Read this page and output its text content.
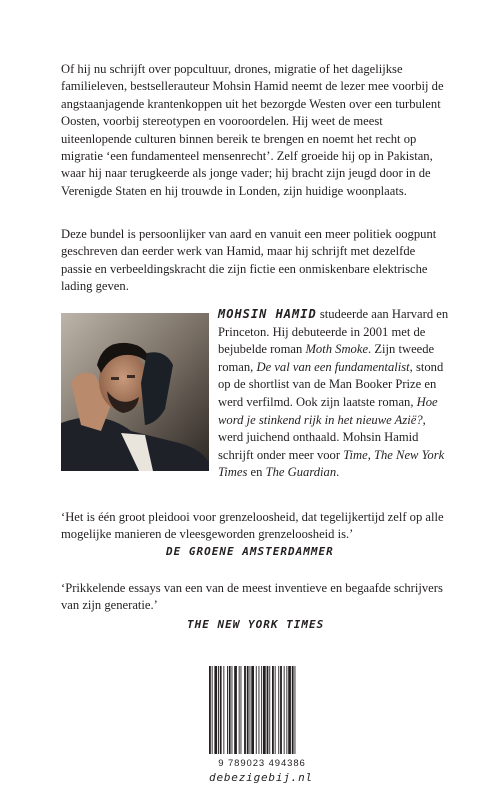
Of hij nu schrijft over popcultuur, drones, migratie of het dagelijkse familieleven, bestsellerauteur Mohsin Hamid neemt de lezer mee voorbij de angstaanjagende krantenkoppen uit het bezorgde Westen over een turbulent Oosten, voorbij stereotypen en vooroordelen. Hij weet de meest uiteenlopende culturen binnen bereik te brengen en noemt het recht op migratie ‘een fundamenteel mensenrecht’. Zelf groeide hij op in Pakistan, waar hij naar terugkeerde als jonge vader; hij bracht zijn jeugd door in de Verenigde Staten en hij trouwde in Londen, zijn huidige woonplaats.

Deze bundel is persoonlijker van aard en vanuit een meer politiek oogpunt geschreven dan eerder werk van Hamid, maar hij schrijft met dezelfde passie en verbeeldingskracht die zijn fictie een onmiskenbare elektrische lading geven.

MOHSIN HAMID studeerde aan Harvard en Princeton. Hij debuteerde in 2001 met de bejubelde roman Moth Smoke. Zijn tweede roman, De val van een fundamentalist, stond op de shortlist van de Man Booker Prize en werd verfilmd. Ook zijn laatste roman, Hoe word je stinkend rijk in het nieuwe Azië?, werd juichend onthaald. Mohsin Hamid schrijft onder meer voor Time, The New York Times en The Guardian.

‘Het is één groot pleidooi voor grenzeloosheid, dat tegelijkertijd zelf op alle mogelijke manieren de vleesgeworden grenzeloosheid is.’

DE GROENE AMSTERDAMMER

‘Prikkelende essays van een van de meest inventieve en begaafde schrijvers van zijn generatie.’

THE NEW YORK TIMES
9 789023 494386
debezigebij.nl
